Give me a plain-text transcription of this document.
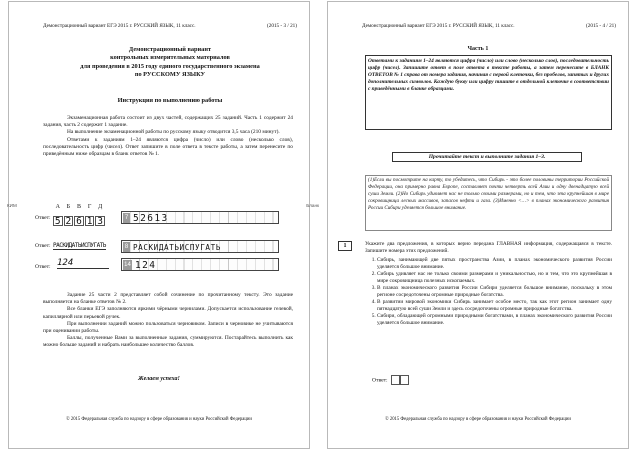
Демонстрационный вариант ЕГЭ 2015 г. РУССКИЙ ЯЗЫК, 11 класс.	(2015 - 3 / 21)
Демонстрационный вариант
контрольных измерительных материалов
для проведения в 2015 году единого государственного экзамена
по РУССКОМУ ЯЗЫКУ
Инструкция по выполнению работы

Экзаменационная работа состоит из двух частей, содержащих 25 заданий. Часть 1 содержит 24 задания, часть 2 содержит 1 задание.

На выполнение экзаменационной работы по русскому языку отводится 3,5 часа (210 минут).

Ответами к заданиям 1–24 являются цифра (число) или слово (несколько слов), последовательность цифр (чисел). Ответ запишите в поле ответа в тексте работы, а затем перенесите по приведённым ниже образцам в бланк ответов № 1.

КИМ	Бланк
Ответ:
А Б В Г Д
5 2 6 1 3	7 52613
Ответ: РАСКИДАТЬИСПУГАТЬ	8 РАСКИДАТЬИСПУГАТЬ
Ответ: 124	14 124

Задание 25 части 2 представляет собой сочинение по прочитанному тексту. Это задание выполняется на бланке ответов № 2.

Все бланки ЕГЭ заполняются яркими чёрными чернилами. Допускается использование гелевой, капиллярной или перьевой ручек.

При выполнении заданий можно пользоваться черновиком. Записи в черновике не учитываются при оценивании работы.

Баллы, полученные Вами за выполненные задания, суммируются. Постарайтесь выполнить как можно больше заданий и набрать наибольшее количество баллов.

Желаем успеха!
© 2015 Федеральная служба по надзору в сфере образования и науки Российской Федерации
Демонстрационный вариант ЕГЭ 2015 г. РУССКИЙ ЯЗЫК, 11 класс.	(2015 - 4 / 21)
Часть 1
Ответами к заданиям 1–24 являются цифра (число) или слово (несколько слов), последовательность цифр (чисел). Запишите ответ в поле ответа в тексте работы, а затем перенесите в БЛАНК ОТВЕТОВ № 1 справа от номера задания, начиная с первой клеточки, без пробелов, запятых и других дополнительных символов. Каждую букву или цифру пишите в отдельной клеточке в соответствии с приведёнными в бланке образцами.
Прочитайте текст и выполните задания 1–3.
(1)Если вы посмотрите на карту, то убедитесь, что Сибирь - это более половины территории Российской Федерации, она примерно равна Европе, составляет почти четверть всей Азии и одну двенадцатую всей суши Земли. (2)Но Сибирь удивляет нас не только своими размерами, но и тем, что эта крупнейшая в мире сокровищница лесных массивов, запасов нефти и газа. (3)Именно <…> в планах экономического развития России Сибири уделяется большое внимание.
1	Укажите два предложения, в которых верно передана ГЛАВНАЯ информация, содержащаяся в тексте. Запишите номера этих предложений.
1. Сибирь, занимающей две пятых пространства Азии, в планах экономического развития России уделяется большое внимание.
2. Сибирь удивляет нас не только своими размерами и уникальностью, но и тем, что это крупнейшая в мире сокровищница полезных ископаемых.
3. В планах экономического развития России Сибири уделяется большое внимание, поскольку в этом регионе сосредоточены огромные природные богатства.
4. В развитии мировой экономики Сибирь занимает особое место, так как этот регион занимает одну пятнадцатую всей суши Земли и здесь сосредоточены огромные природные богатства.
5. Сибири, обладающей огромными природными богатствами, в планах экономического развития России уделяется большое внимание.
Ответ:
© 2015 Федеральная служба по надзору в сфере образования и науки Российской Федерации
